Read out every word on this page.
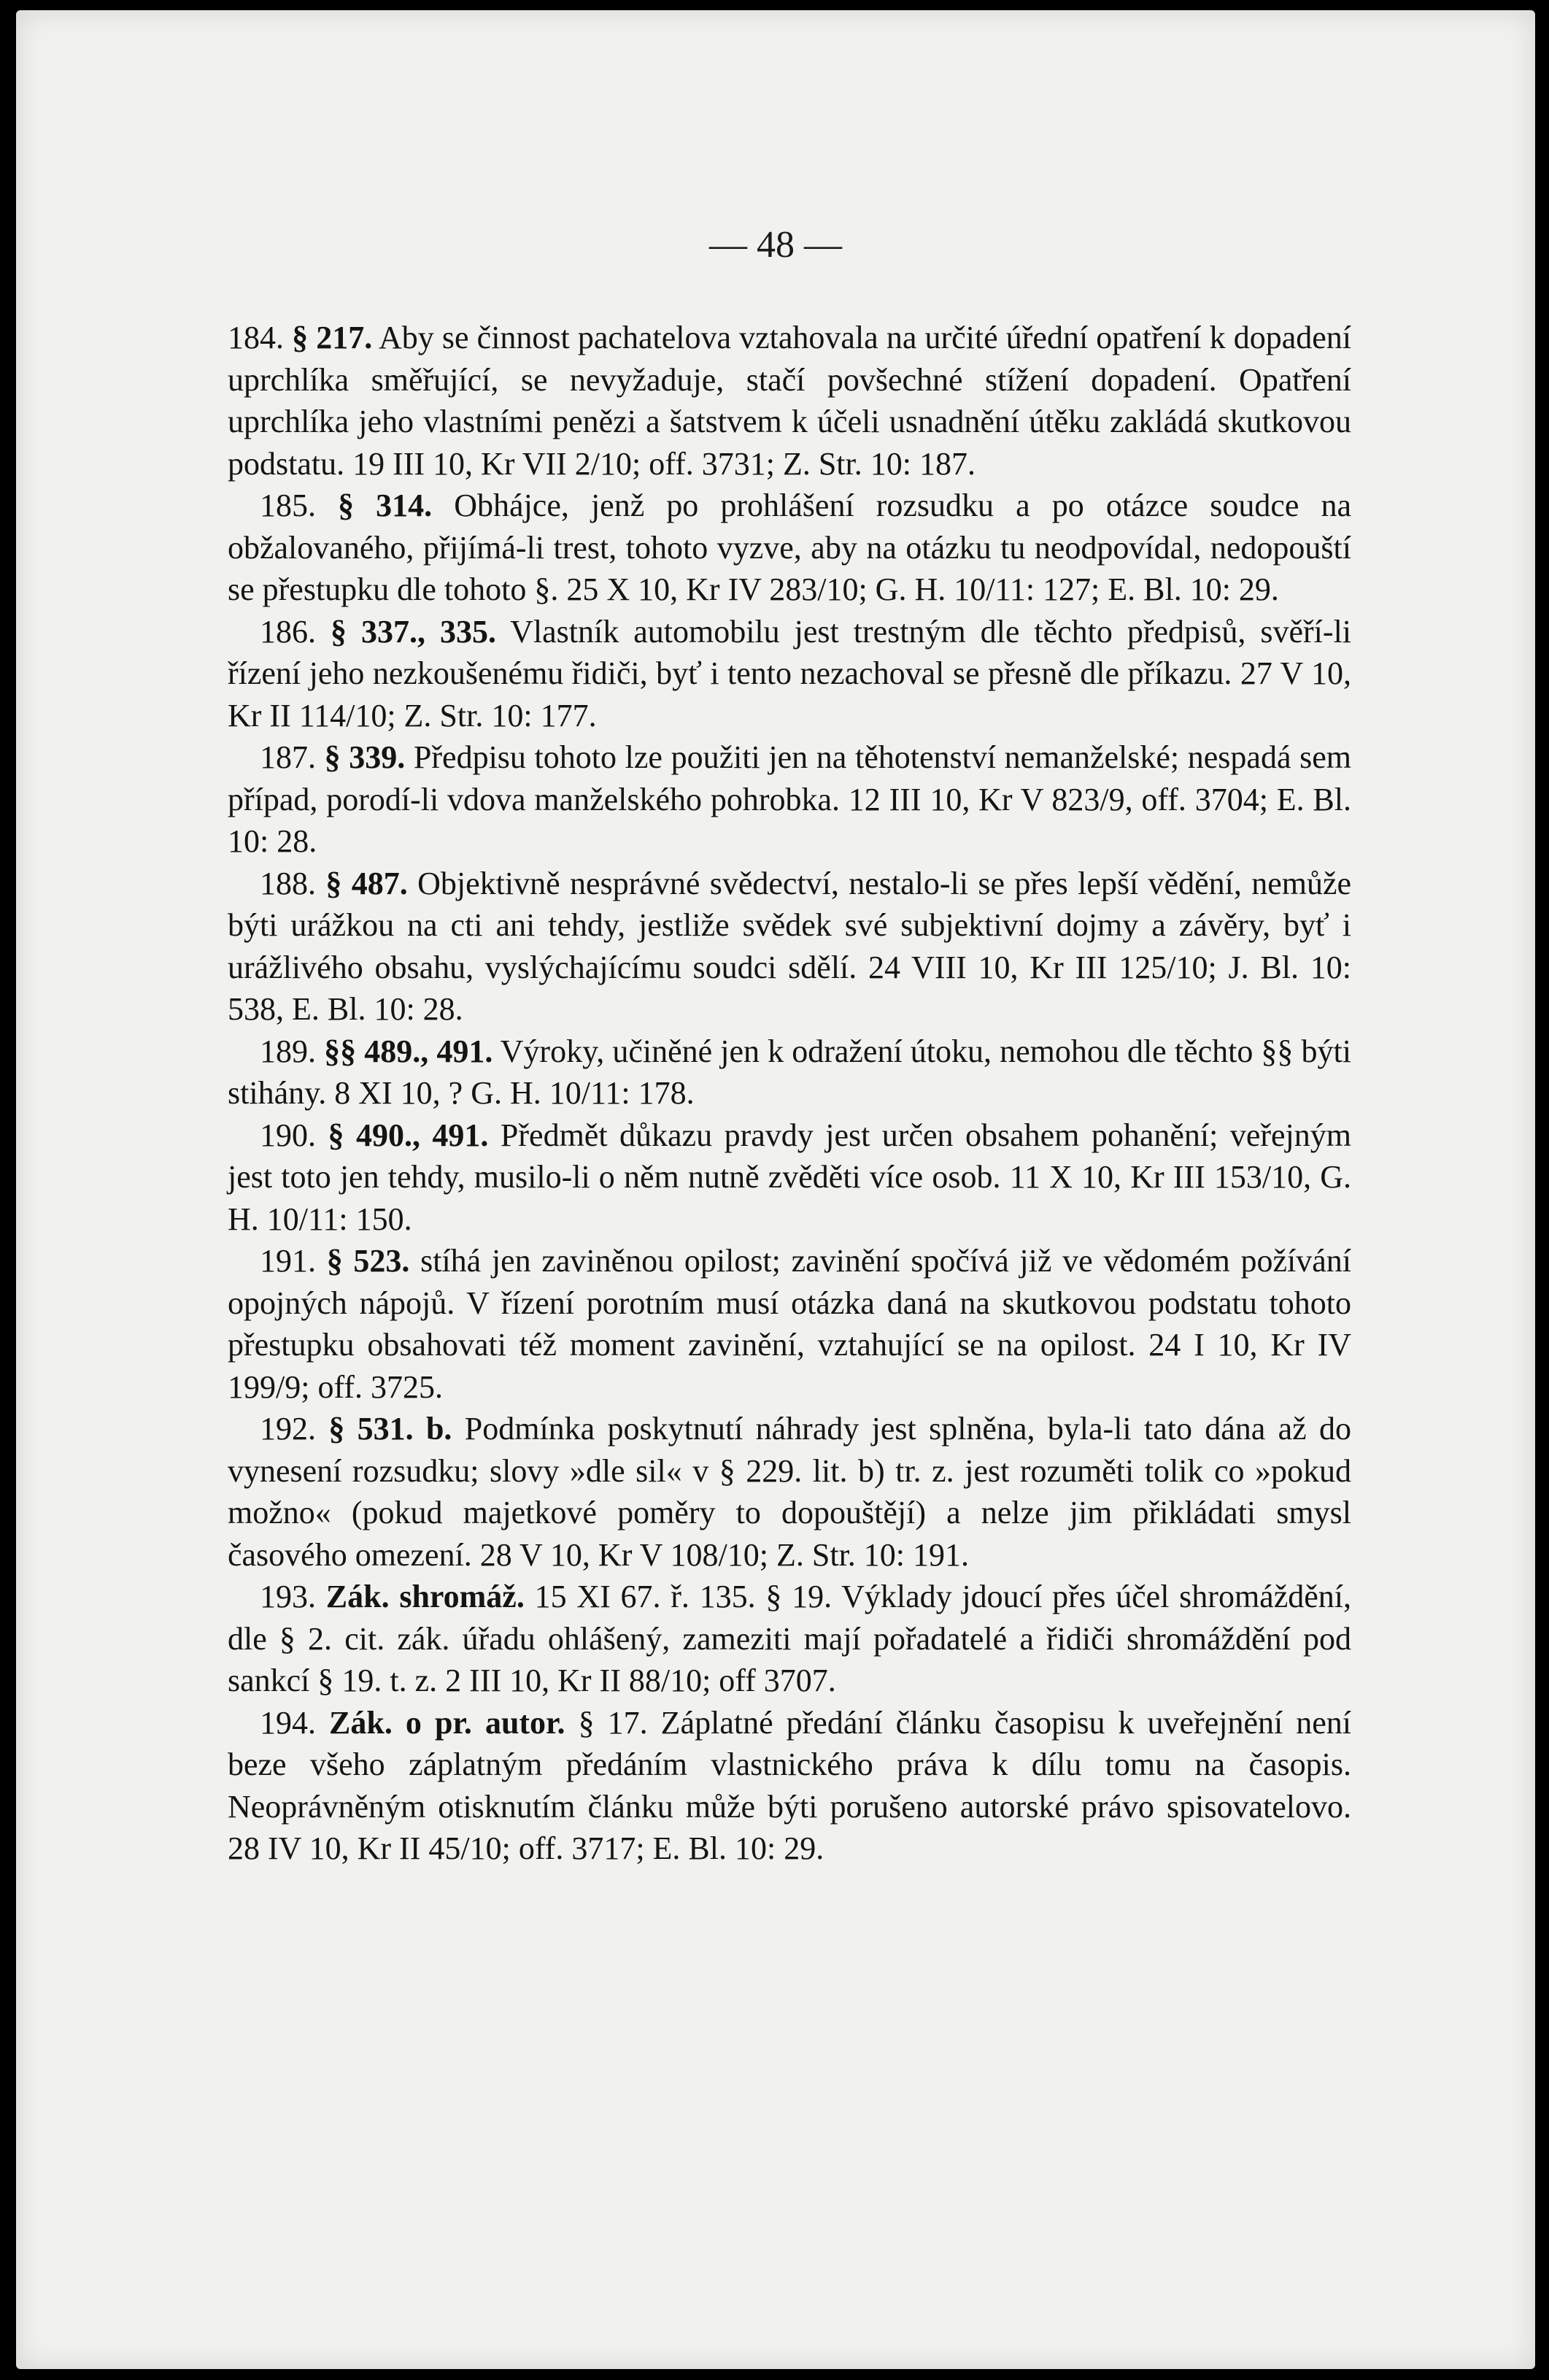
— 48 —

184. § 217. Aby se činnost pachatelova vztahovala na určité úřední opatření k dopadení uprchlíka směřující, se nevyžaduje, stačí povšechné stížení dopadení. Opatření uprchlíka jeho vlastními penězi a šatstvem k účeli usnadnění útěku zakládá skutkovou podstatu. 19 III 10, Kr VII 2/10; off. 3731; Z. Str. 10: 187.

185. § 314. Obhájce, jenž po prohlášení rozsudku a po otázce soudce na obžalovaného, přijímá-li trest, tohoto vyzve, aby na otázku tu neodpovídal, nedopouští se přestupku dle tohoto §. 25 X 10, Kr IV 283/10; G. H. 10/11: 127; E. Bl. 10: 29.

186. § 337., 335. Vlastník automobilu jest trestným dle těchto předpisů, svěří-li řízení jeho nezkoušenému řidiči, byť i tento nezachoval se přesně dle příkazu. 27 V 10, Kr II 114/10; Z. Str. 10: 177.

187. § 339. Předpisu tohoto lze použiti jen na těhotenství nemanželské; nespadá sem případ, porodí-li vdova manželského pohrobka. 12 III 10, Kr V 823/9, off. 3704; E. Bl. 10: 28.

188. § 487. Objektivně nesprávné svědectví, nestalo-li se přes lepší vědění, nemůže býti urážkou na cti ani tehdy, jestliže svědek své subjektivní dojmy a závěry, byť i urážlivého obsahu, vyslýchajícímu soudci sdělí. 24 VIII 10, Kr III 125/10; J. Bl. 10: 538, E. Bl. 10: 28.

189. §§ 489., 491. Výroky, učiněné jen k odražení útoku, nemohou dle těchto §§ býti stihány. 8 XI 10, ? G. H. 10/11: 178.

190. § 490., 491. Předmět důkazu pravdy jest určen obsahem pohanění; veřejným jest toto jen tehdy, musilo-li o něm nutně zvěděti více osob. 11 X 10, Kr III 153/10, G. H. 10/11: 150.

191. § 523. stíhá jen zaviněnou opilost; zavinění spočívá již ve vědomém požívání opojných nápojů. V řízení porotním musí otázka daná na skutkovou podstatu tohoto přestupku obsahovati též moment zavinění, vztahující se na opilost. 24 I 10, Kr IV 199/9; off. 3725.

192. § 531. b. Podmínka poskytnutí náhrady jest splněna, byla-li tato dána až do vynesení rozsudku; slovy »dle sil« v § 229. lit. b) tr. z. jest rozuměti tolik co »pokud možno« (pokud majetkové poměry to dopouštějí) a nelze jim přikládati smysl časového omezení. 28 V 10, Kr V 108/10; Z. Str. 10: 191.

193. Zák. shromáž. 15 XI 67. ř. 135. § 19. Výklady jdoucí přes účel shromáždění, dle § 2. cit. zák. úřadu ohlášený, zameziti mají pořadatelé a řidiči shromáždění pod sankcí § 19. t. z. 2 III 10, Kr II 88/10; off 3707.

194. Zák. o pr. autor. § 17. Záplatné předání článku časopisu k uveřejnění není beze všeho záplatným předáním vlastnického práva k dílu tomu na časopis. Neoprávněným otisknutím článku může býti porušeno autorské právo spisovatelovo. 28 IV 10, Kr II 45/10; off. 3717; E. Bl. 10: 29.
